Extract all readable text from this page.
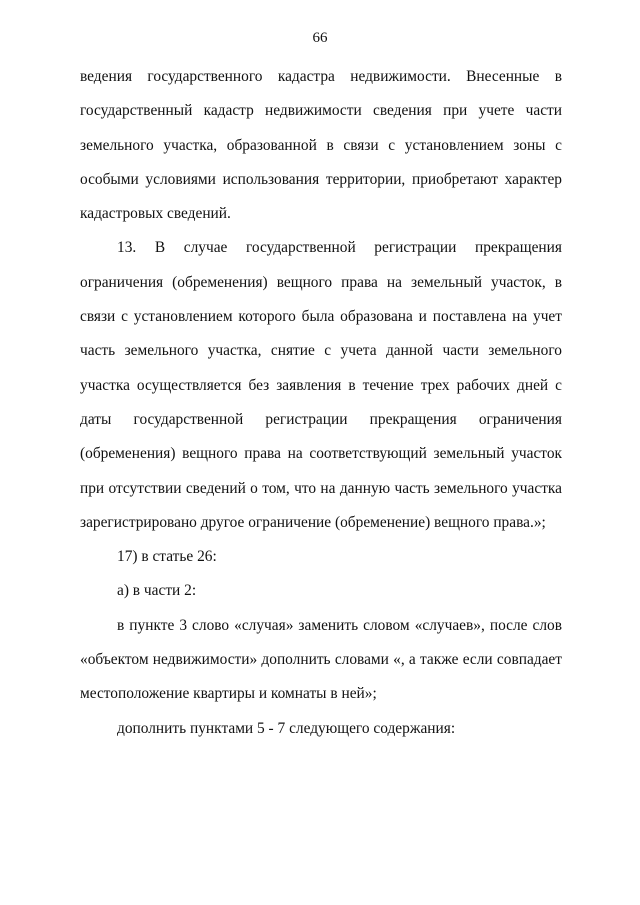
66

ведения государственного кадастра недвижимости. Внесенные в государственный кадастр недвижимости сведения при учете части земельного участка, образованной в связи с установлением зоны с особыми условиями использования территории, приобретают характер кадастровых сведений.

13. В случае государственной регистрации прекращения ограничения (обременения) вещного права на земельный участок, в связи с установлением которого была образована и поставлена на учет часть земельного участка, снятие с учета данной части земельного участка осуществляется без заявления в течение трех рабочих дней с даты государственной регистрации прекращения ограничения (обременения) вещного права на соответствующий земельный участок при отсутствии сведений о том, что на данную часть земельного участка зарегистрировано другое ограничение (обременение) вещного права.»;

17) в статье 26:

а) в части 2:

в пункте 3 слово «случая» заменить словом «случаев», после слов «объектом недвижимости» дополнить словами «, а также если совпадает местоположение квартиры и комнаты в ней»;

дополнить пунктами 5 - 7 следующего содержания:
